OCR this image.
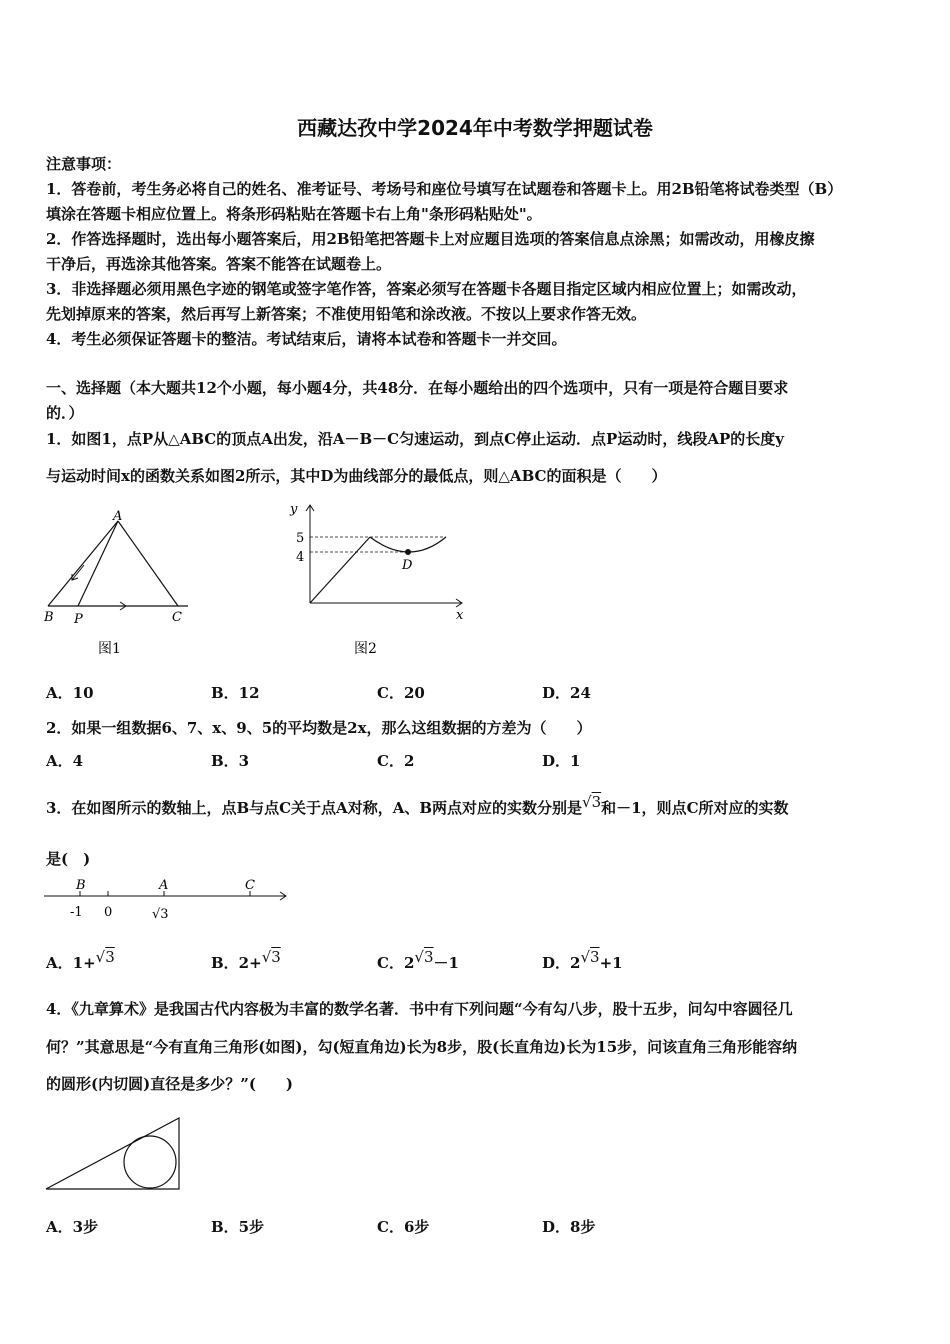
西藏达孜中学2024年中考数学押题试卷
注意事项：
1．答卷前，考生务必将自己的姓名、准考证号、考场号和座位号填写在试题卷和答题卡上。用2B铅笔将试卷类型（B）
填涂在答题卡相应位置上。将条形码粘贴在答题卡右上角"条形码粘贴处"。
2．作答选择题时，选出每小题答案后，用2B铅笔把答题卡上对应题目选项的答案信息点涂黑；如需改动，用橡皮擦
干净后，再选涂其他答案。答案不能答在试题卷上。
3．非选择题必须用黑色字迹的钢笔或签字笔作答，答案必须写在答题卡各题目指定区域内相应位置上；如需改动，
先划掉原来的答案，然后再写上新答案；不准使用铅笔和涂改液。不按以上要求作答无效。
4．考生必须保证答题卡的整洁。考试结束后，请将本试卷和答题卡一并交回。
一、选择题（本大题共12个小题，每小题4分，共48分．在每小题给出的四个选项中，只有一项是符合题目要求
的．）
1．如图1，点P从△ABC的顶点A出发，沿A－B－C匀速运动，到点C停止运动．点P运动时，线段AP的长度y
与运动时间x的函数关系如图2所示，其中D为曲线部分的最低点，则△ABC的面积是（　　）
A
B P	C
图1
y
x
5
4
D
图2
A．10	B．12	C．20	D．24
2．如果一组数据6、7、x、9、5的平均数是2x，那么这组数据的方差为（　　）
A．4	B．3	C．2	D．1
3．在如图所示的数轴上，点B与点C关于点A对称，A、B两点对应的实数分别是√3和－1，则点C所对应的实数
是(　)
B	A	C
-1 0	√3
A．1+√3	B．2+√3	C．2√3－1	D．2√3+1
4．《九章算术》是我国古代内容极为丰富的数学名著．书中有下列问题“今有勾八步，股十五步，问勾中容圆径几
何？”其意思是“今有直角三角形(如图)，勾(短直角边)长为8步，股(长直角边)长为15步，问该直角三角形能容纳
的圆形(内切圆)直径是多少？”(　　)
A．3步	B．5步	C．6步	D．8步
